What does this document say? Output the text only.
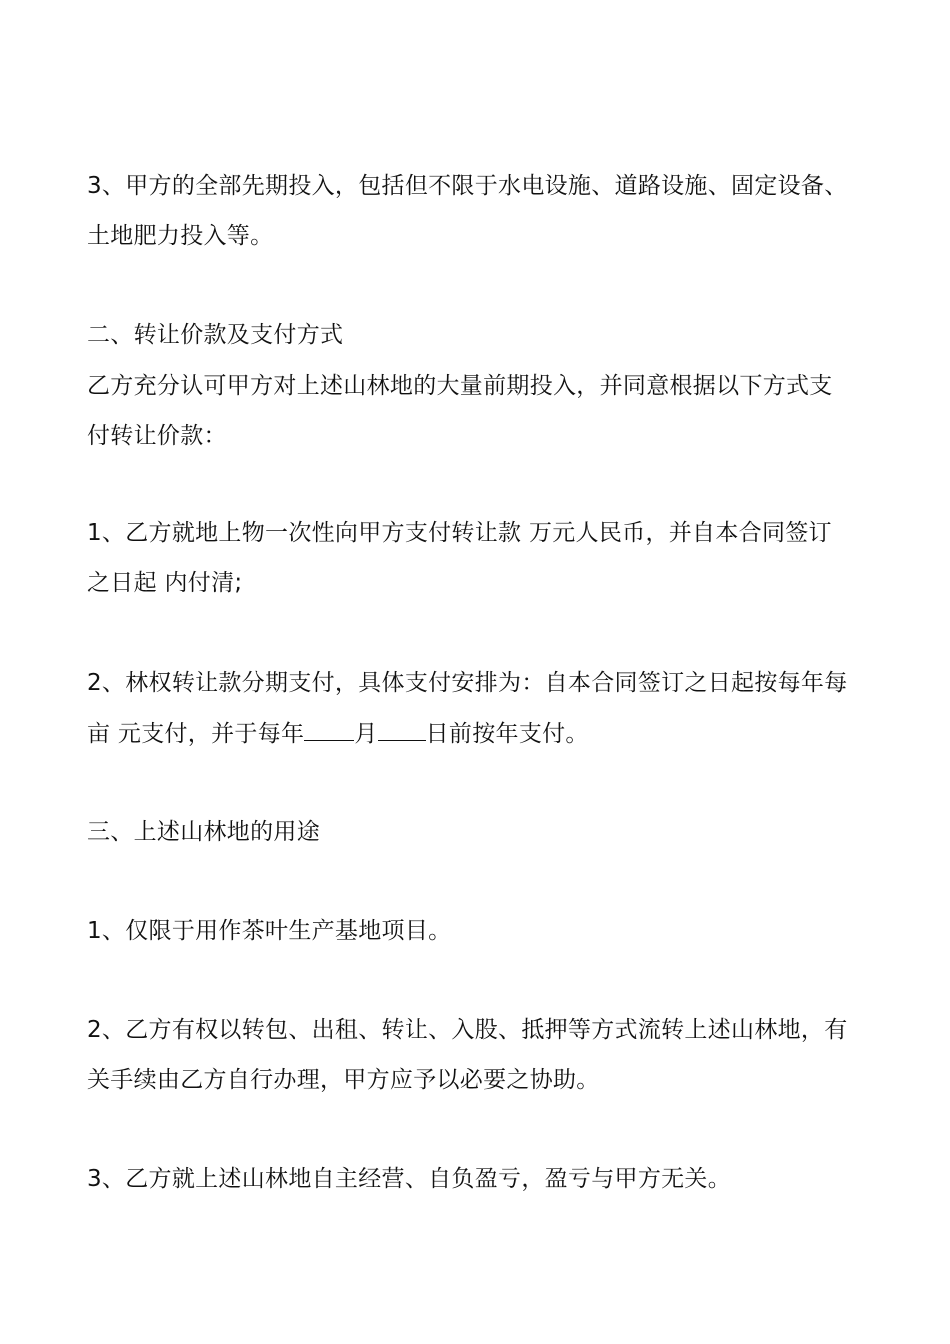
3、甲方的全部先期投入，包括但不限于水电设施、道路设施、固定设备、
土地肥力投入等。
二、转让价款及支付方式
乙方充分认可甲方对上述山林地的大量前期投入，并同意根据以下方式支
付转让价款：
1、乙方就地上物一次性向甲方支付转让款 万元人民币，并自本合同签订
之日起 内付清;
2、林权转让款分期支付，具体支付安排为：自本合同签订之日起按每年每
亩 元支付，并于每年 月 日前按年支付。
三、上述山林地的用途
1、仅限于用作茶叶生产基地项目。
2、乙方有权以转包、出租、转让、入股、抵押等方式流转上述山林地，有
关手续由乙方自行办理，甲方应予以必要之协助。
3、乙方就上述山林地自主经营、自负盈亏，盈亏与甲方无关。
